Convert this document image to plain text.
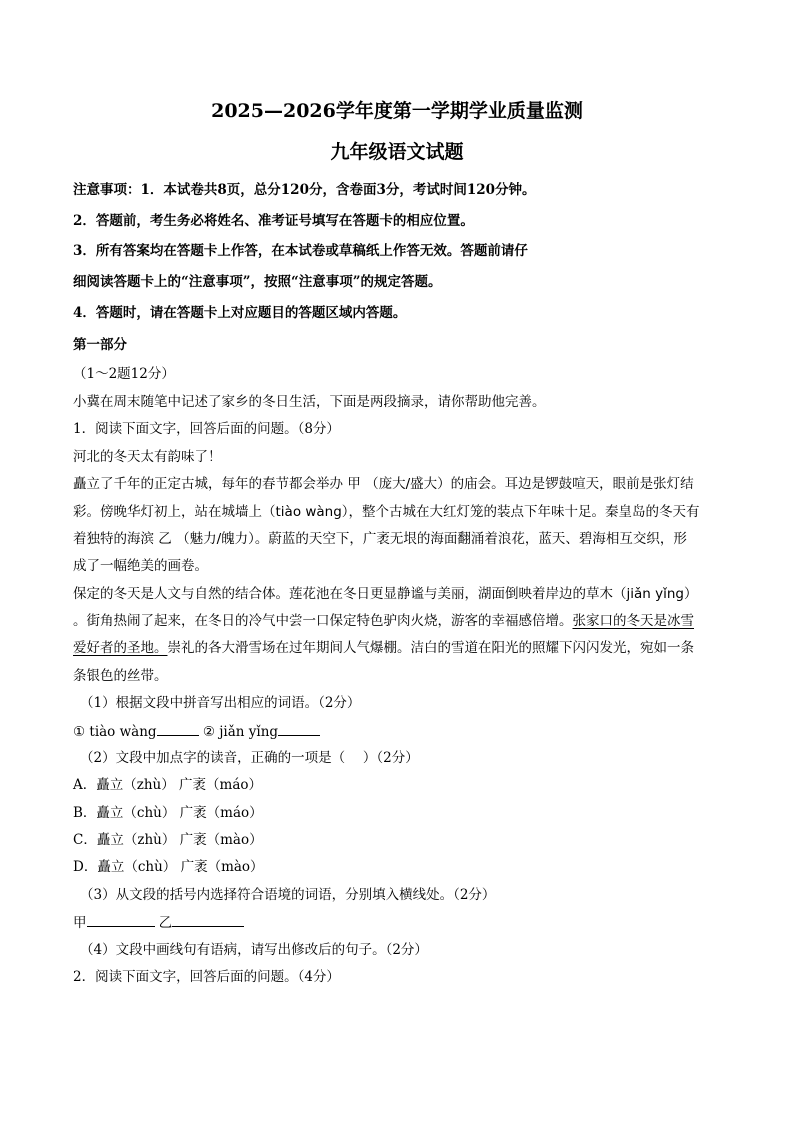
2025—2026学年度第一学期学业质量监测
九年级语文试题
注意事项：1．本试卷共8页，总分120分，含卷面3分，考试时间120分钟。
2．答题前，考生务必将姓名、准考证号填写在答题卡的相应位置。
3．所有答案均在答题卡上作答，在本试卷或草稿纸上作答无效。答题前请仔
细阅读答题卡上的“注意事项”，按照“注意事项”的规定答题。
4．答题时，请在答题卡上对应题目的答题区域内答题。
第一部分
（1～2题12分）
小冀在周末随笔中记述了家乡的冬日生活，下面是两段摘录，请你帮助他完善。
1．阅读下面文字，回答后面的问题。（8分）
河北的冬天太有韵味了！
矗立了千年的正定古城，每年的春节都会举办 甲 （庞大/盛大）的庙会。耳边是锣鼓喧天，眼前是张灯结
彩。傍晚华灯初上，站在城墙上（tiào wàng），整个古城在大红灯笼的装点下年味十足。秦皇岛的冬天有
着独特的海滨 乙 （魅力/魄力）。蔚蓝的天空下，广袤无垠的海面翻涌着浪花，蓝天、碧海相互交织，形
成了一幅绝美的画卷。
保定的冬天是人文与自然的结合体。莲花池在冬日更显静谧与美丽，湖面倒映着岸边的草木（jiǎn yǐng）
。街角热闹了起来，在冬日的冷气中尝一口保定特色驴肉火烧，游客的幸福感倍增。张家口的冬天是冰雪
爱好者的圣地。崇礼的各大滑雪场在过年期间人气爆棚。洁白的雪道在阳光的照耀下闪闪发光，宛如一条
条银色的丝带。
（1）根据文段中拼音写出相应的词语。（2分）
① tiào wàng	② jiǎn yǐng
（2）文段中加点字的读音，正确的一项是（　 ）（2分）
A．矗立（zhù） 广袤（máo）
B．矗立（chù） 广袤（máo）
C．矗立（zhù） 广袤（mào）
D．矗立（chù） 广袤（mào）
（3）从文段的括号内选择符合语境的词语，分别填入横线处。（2分）
甲	乙
（4）文段中画线句有语病，请写出修改后的句子。（2分）
2．阅读下面文字，回答后面的问题。（4分）
